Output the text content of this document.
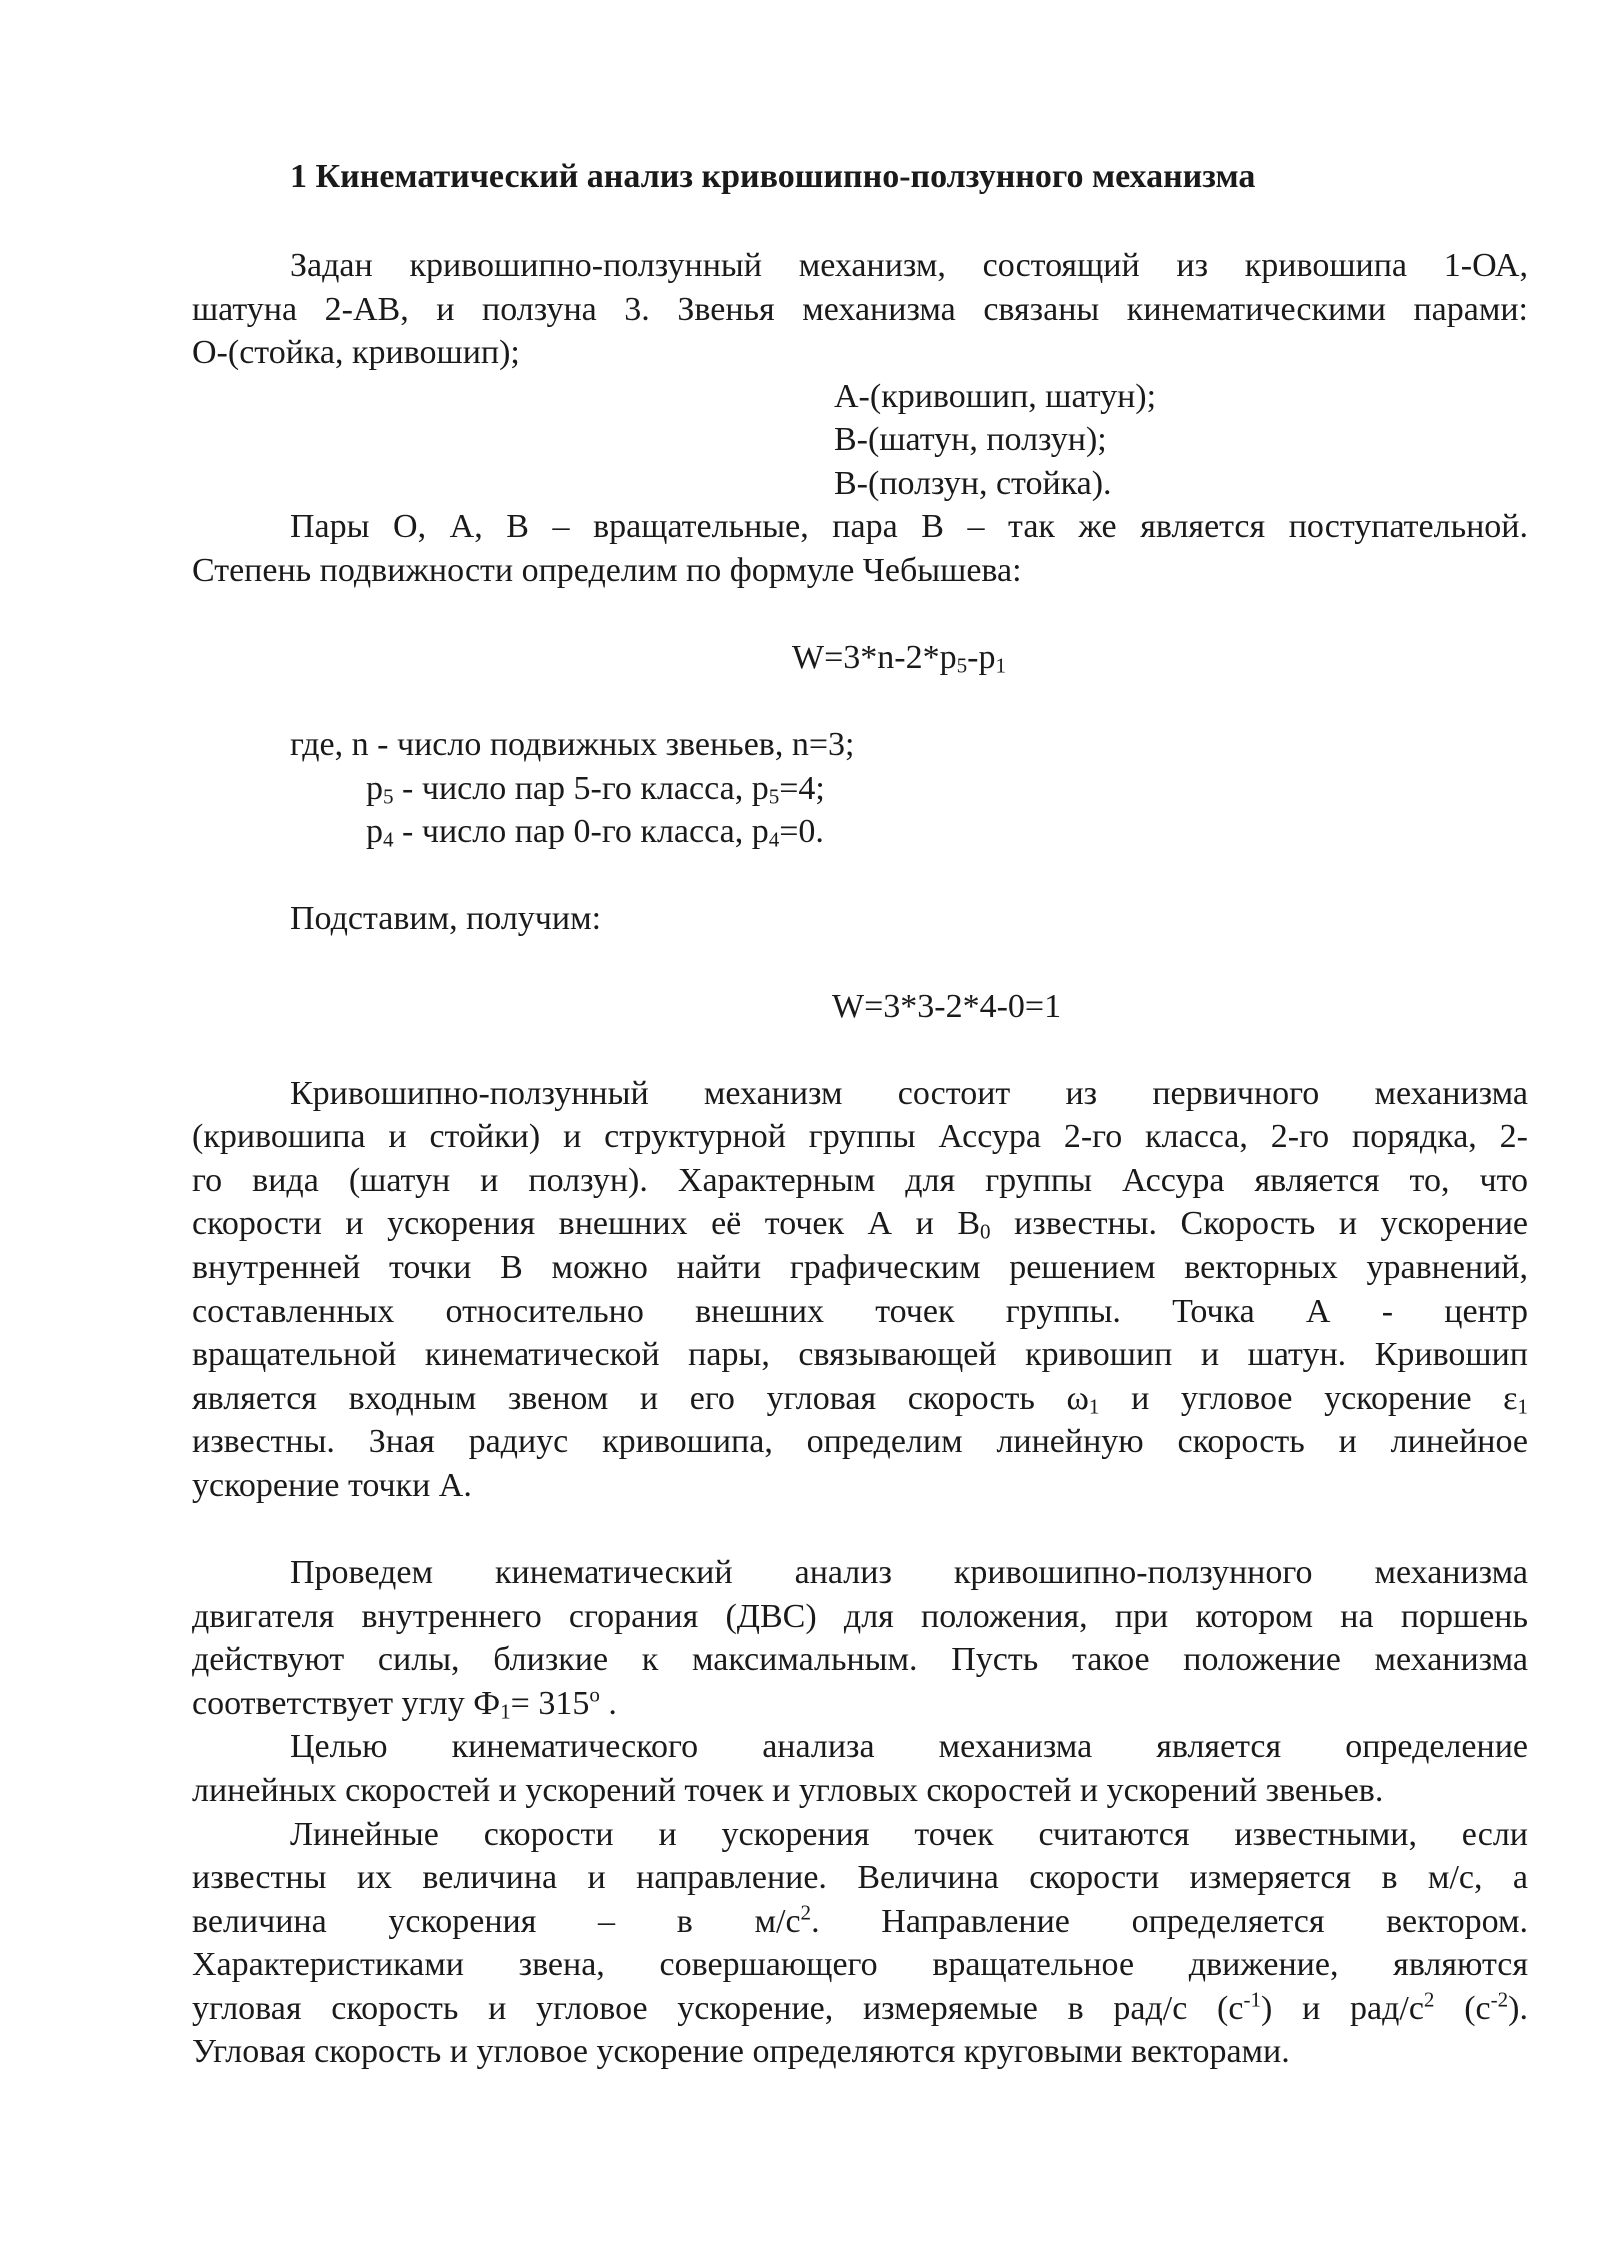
1 Кинематический анализ кривошипно-ползунного механизма
Задан кривошипно-ползунный механизм, состоящий из кривошипа 1-ОА,
шатуна 2-АВ, и ползуна 3. Звенья механизма связаны кинематическими парами:
О-(стойка, кривошип);
А-(кривошип, шатун);
В-(шатун, ползун);
В-(ползун, стойка).
Пары О, А, В – вращательные, пара В – так же является поступательной.
Степень подвижности определим по формуле Чебышева:
$W=3*n-2*p_5-p_1$
где, n - число подвижных звеньев, n=3;
$p_5$ - число пар 5-го класса, $p_5=4$;
$p_4$ - число пар 0-го класса, $p_4=0$.
Подставим, получим:
W=3*3-2*4-0=1
Кривошипно-ползунный механизм состоит из первичного механизма
(кривошипа и стойки) и структурной группы Ассура 2-го класса, 2-го порядка, 2-
го вида (шатун и ползун). Характерным для группы Ассура является то, что
скорости и ускорения внешних её точек А и $В_0$ известны. Скорость и ускорение
внутренней точки В можно найти графическим решением векторных уравнений,
составленных относительно внешних точек группы. Точка А - центр
вращательной кинематической пары, связывающей кривошип и шатун. Кривошип
является входным звеном и его угловая скорость $\omega_1$ и угловое ускорение $\varepsilon_1$
известны. Зная радиус кривошипа, определим линейную скорость и линейное
ускорение точки А.
Проведем кинематический анализ кривошипно-ползунного механизма
двигателя внутреннего сгорания (ДВС) для положения, при котором на поршень
действуют силы, близкие к максимальным. Пусть такое положение механизма
соответствует углу $Ф_1= 315^о$ .
Целью кинематического анализа механизма является определение
линейных скоростей и ускорений точек и угловых скоростей и ускорений звеньев.
Линейные скорости и ускорения точек считаются известными, если
известны их величина и направление. Величина скорости измеряется в м/с, а
величина ускорения – в $м/с^2$. Направление определяется вектором.
Характеристиками звена, совершающего вращательное движение, являются
угловая скорость и угловое ускорение, измеряемые в рад/с $(с^{-1})$ и рад/$с^2$ $(с^{-2})$.
Угловая скорость и угловое ускорение определяются круговыми векторами.
